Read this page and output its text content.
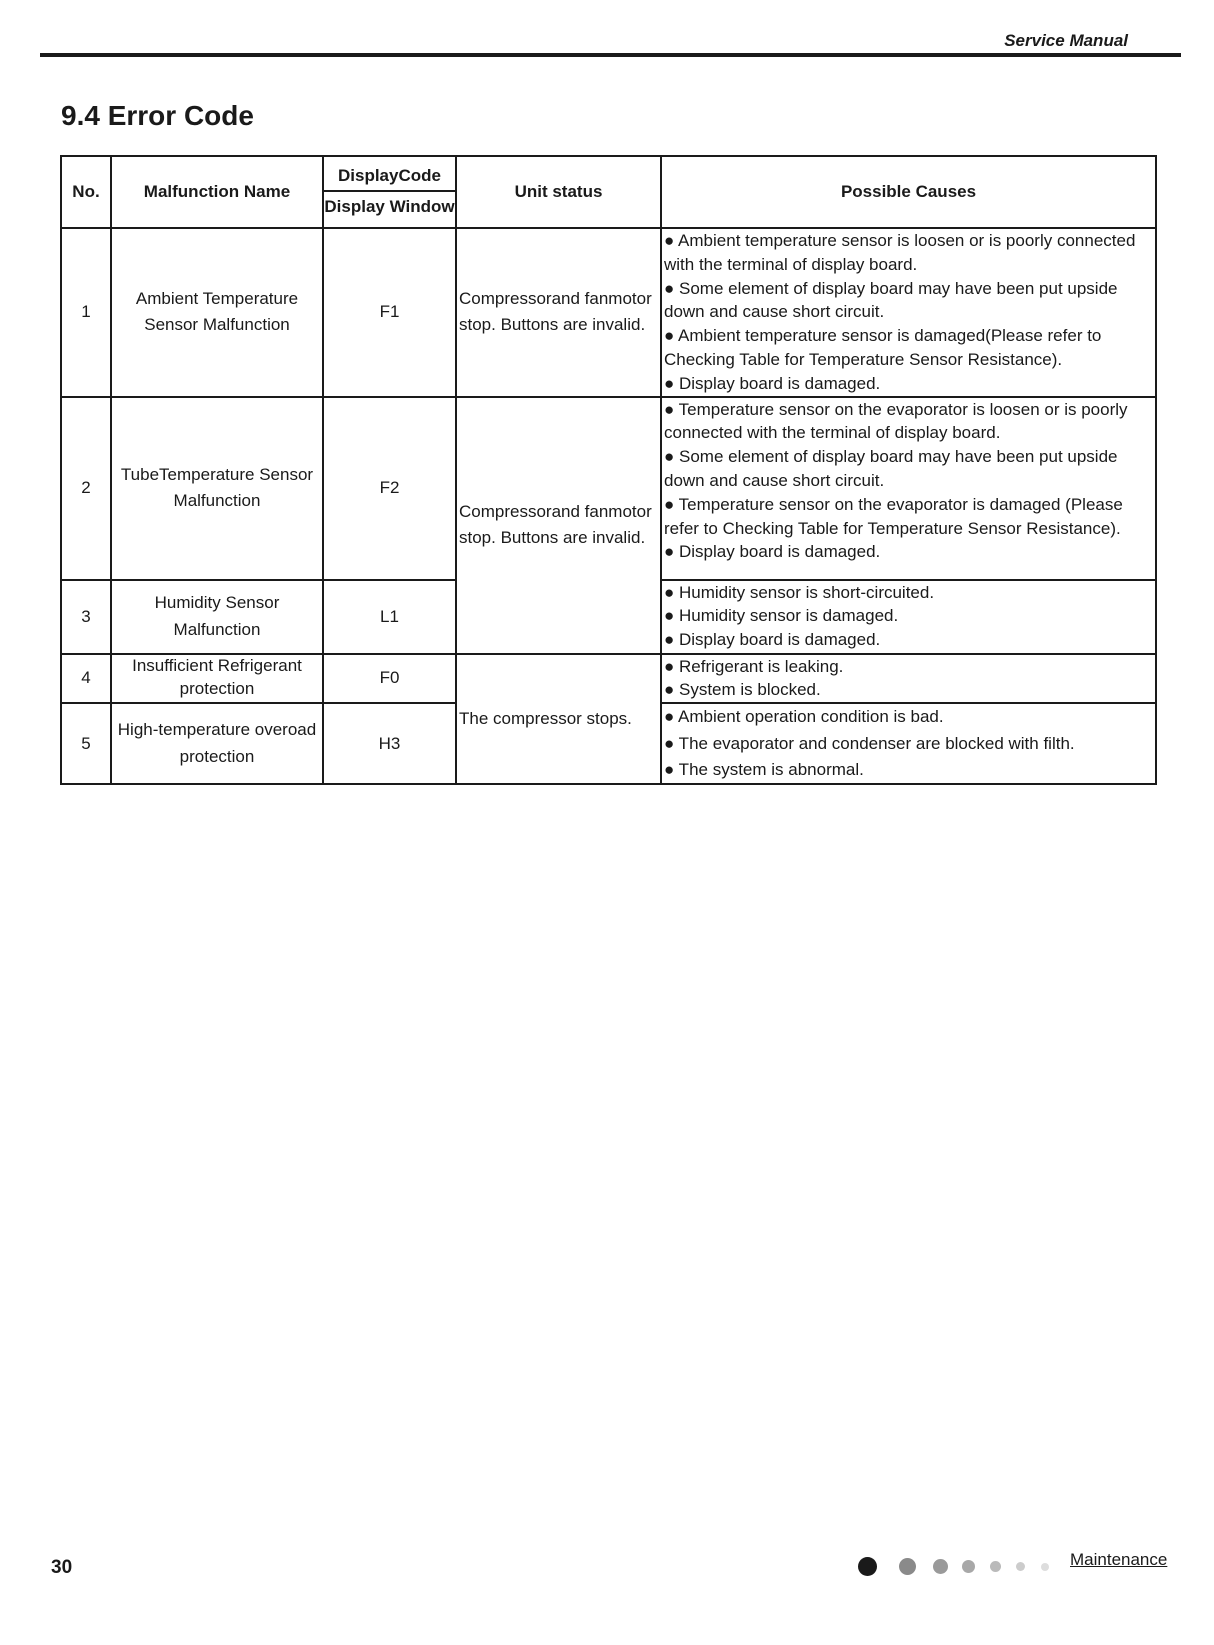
Service Manual
9.4 Error Code
No.	Malfunction Name	DisplayCode
Display Window	Unit status	Possible Causes
1	Ambient Temperature Sensor Malfunction	F1	Compressorand fanmotor stop. Buttons are invalid.	● Ambient temperature sensor is loosen or is poorly connected with the terminal of display board.
● Some element of display board may have been put upside down and cause short circuit.
● Ambient temperature sensor is damaged(Please refer to Checking Table for Temperature Sensor Resistance).
● Display board is damaged.

2	TubeTemperature Sensor Malfunction	F2	Compressorand fanmotor stop. Buttons are invalid.	● Temperature sensor on the evaporator is loosen or is poorly connected with the terminal of display board.
● Some element of display board may have been put upside down and cause short circuit.
● Temperature sensor on the evaporator is damaged (Please refer to Checking Table for Temperature Sensor Resistance).
● Display board is damaged.

3	Humidity Sensor Malfunction	L1		● Humidity sensor is short-circuited.
● Humidity sensor is damaged.
● Display board is damaged.

4	Insufficient Refrigerant protection	F0	The compressor stops.	● Refrigerant is leaking.
● System is blocked.

5	High-temperature overoad protection	H3		● Ambient operation condition is bad.
● The evaporator and condenser are blocked with filth.
● The system is abnormal.
30	Maintenance
